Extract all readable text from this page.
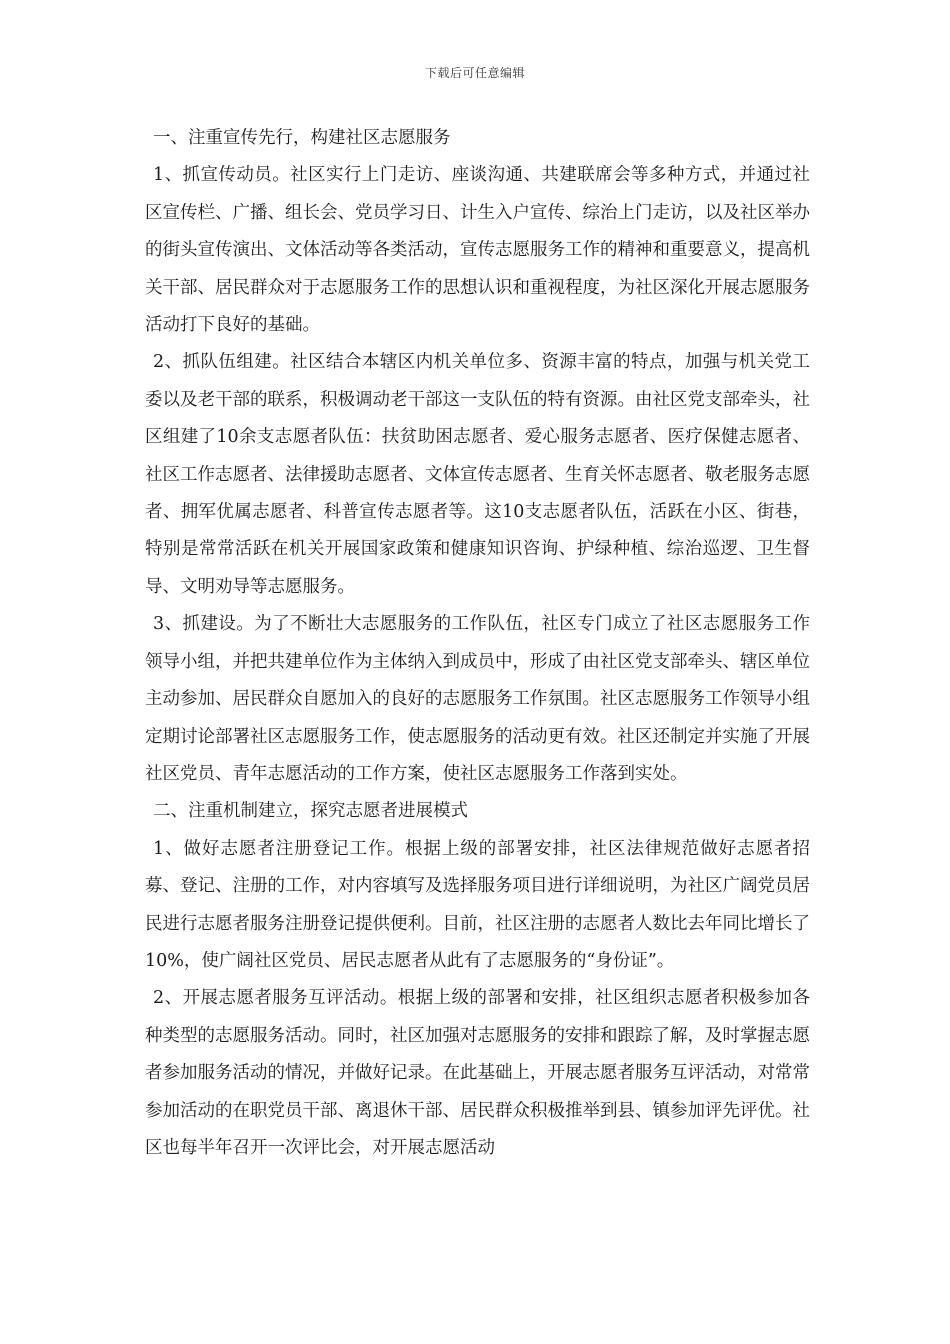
下载后可任意编辑

一、注重宣传先行，构建社区志愿服务

1、抓宣传动员。社区实行上门走访、座谈沟通、共建联席会等多种方式，并通过社区宣传栏、广播、组长会、党员学习日、计生入户宣传、综治上门走访，以及社区举办的街头宣传演出、文体活动等各类活动，宣传志愿服务工作的精神和重要意义，提高机关干部、居民群众对于志愿服务工作的思想认识和重视程度，为社区深化开展志愿服务活动打下良好的基础。

2、抓队伍组建。社区结合本辖区内机关单位多、资源丰富的特点，加强与机关党工委以及老干部的联系，积极调动老干部这一支队伍的特有资源。由社区党支部牵头，社区组建了10余支志愿者队伍：扶贫助困志愿者、爱心服务志愿者、医疗保健志愿者、社区工作志愿者、法律援助志愿者、文体宣传志愿者、生育关怀志愿者、敬老服务志愿者、拥军优属志愿者、科普宣传志愿者等。这10支志愿者队伍，活跃在小区、街巷，特别是常常活跃在机关开展国家政策和健康知识咨询、护绿种植、综治巡逻、卫生督导、文明劝导等志愿服务。

3、抓建设。为了不断壮大志愿服务的工作队伍，社区专门成立了社区志愿服务工作领导小组，并把共建单位作为主体纳入到成员中，形成了由社区党支部牵头、辖区单位主动参加、居民群众自愿加入的良好的志愿服务工作氛围。社区志愿服务工作领导小组定期讨论部署社区志愿服务工作，使志愿服务的活动更有效。社区还制定并实施了开展社区党员、青年志愿活动的工作方案，使社区志愿服务工作落到实处。

二、注重机制建立，探究志愿者进展模式

1、做好志愿者注册登记工作。根据上级的部署安排，社区法律规范做好志愿者招募、登记、注册的工作，对内容填写及选择服务项目进行详细说明，为社区广阔党员居民进行志愿者服务注册登记提供便利。目前，社区注册的志愿者人数比去年同比增长了10%，使广阔社区党员、居民志愿者从此有了志愿服务的“身份证”。

2、开展志愿者服务互评活动。根据上级的部署和安排，社区组织志愿者积极参加各种类型的志愿服务活动。同时，社区加强对志愿服务的安排和跟踪了解，及时掌握志愿者参加服务活动的情况，并做好记录。在此基础上，开展志愿者服务互评活动，对常常参加活动的在职党员干部、离退休干部、居民群众积极推举到县、镇参加评先评优。社区也每半年召开一次评比会，对开展志愿活动
